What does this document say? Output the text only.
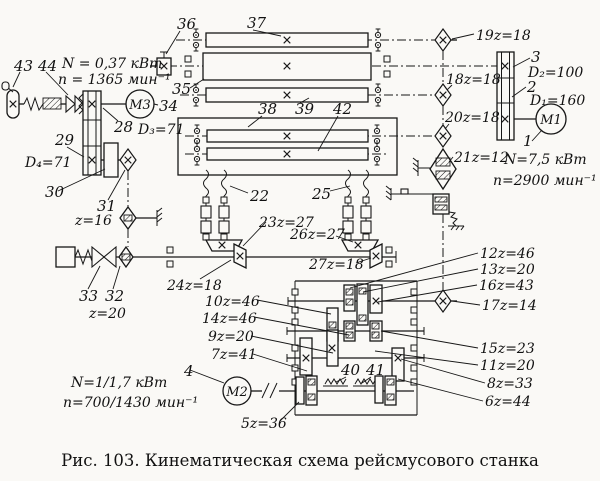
М3
М1
М2
43 44 N = 0,37 кВт
n = 1365 мин⁻¹
36	37
35
34
28 D₃=71
29
D₄=71
30
31
z=16
33 32
z=20
22	25
38 39 42
23z=27
26z=27
24z=18
27z=18
19z=18
3
D₂=100
2
D₁=160
1
N=7,5 кВт
n=2900 мин⁻¹
18z=18
20z=18
21z=12
12z=46
13z=20
16z=43
17z=14
15z=23
11z=20
8z=33
6z=44
10z=46
14z=46
9z=20
7z=41
4
N=1/1,7 кВт
n=700/1430 мин⁻¹
5z=36
40 41
Рис. 103. Кинематическая схема рейсмусового станка
